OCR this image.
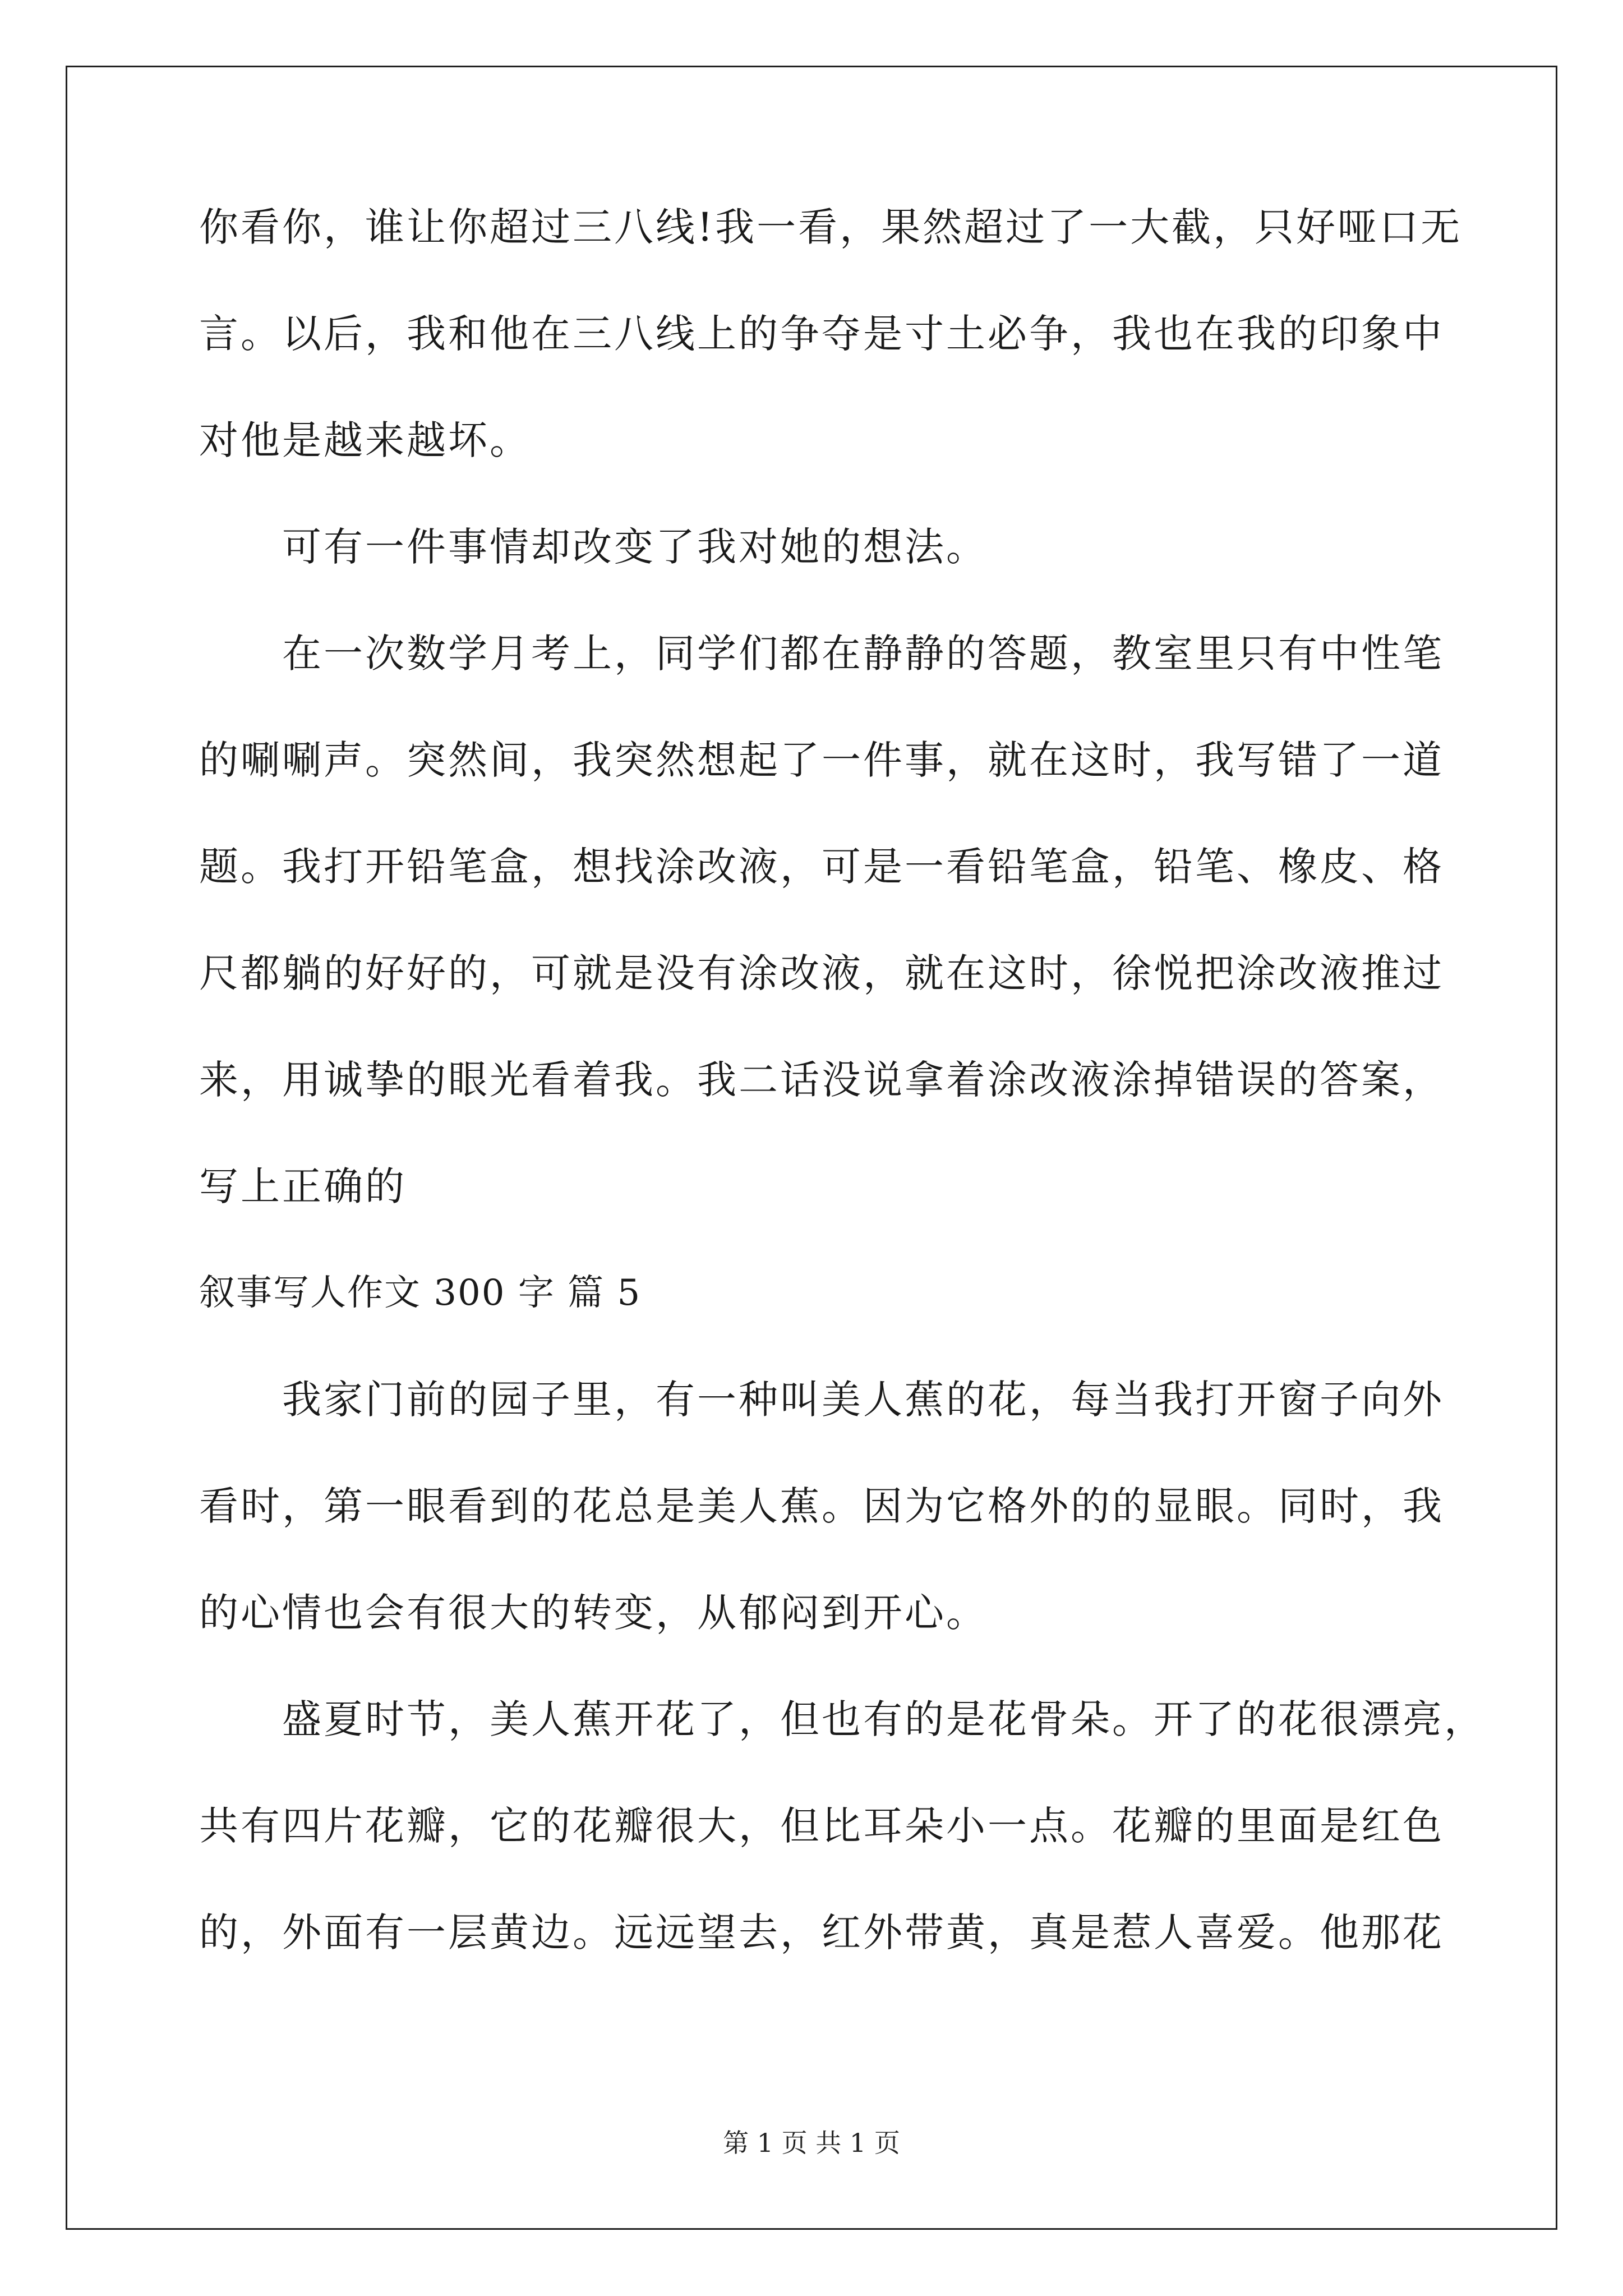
你看你，谁让你超过三八线!我一看，果然超过了一大截，只好哑口无
言。以后，我和他在三八线上的争夺是寸土必争，我也在我的印象中
对他是越来越坏。
可有一件事情却改变了我对她的想法。
在一次数学月考上，同学们都在静静的答题，教室里只有中性笔
的唰唰声。突然间，我突然想起了一件事，就在这时，我写错了一道
题。我打开铅笔盒，想找涂改液，可是一看铅笔盒，铅笔、橡皮、格
尺都躺的好好的，可就是没有涂改液，就在这时，徐悦把涂改液推过
来，用诚挚的眼光看着我。我二话没说拿着涂改液涂掉错误的答案，
写上正确的
叙事写人作文 300 字 篇 5
我家门前的园子里，有一种叫美人蕉的花，每当我打开窗子向外
看时，第一眼看到的花总是美人蕉。因为它格外的的显眼。同时，我
的心情也会有很大的转变，从郁闷到开心。
盛夏时节，美人蕉开花了，但也有的是花骨朵。开了的花很漂亮，
共有四片花瓣，它的花瓣很大，但比耳朵小一点。花瓣的里面是红色
的，外面有一层黄边。远远望去，红外带黄，真是惹人喜爱。他那花
第 1 页 共 1 页
